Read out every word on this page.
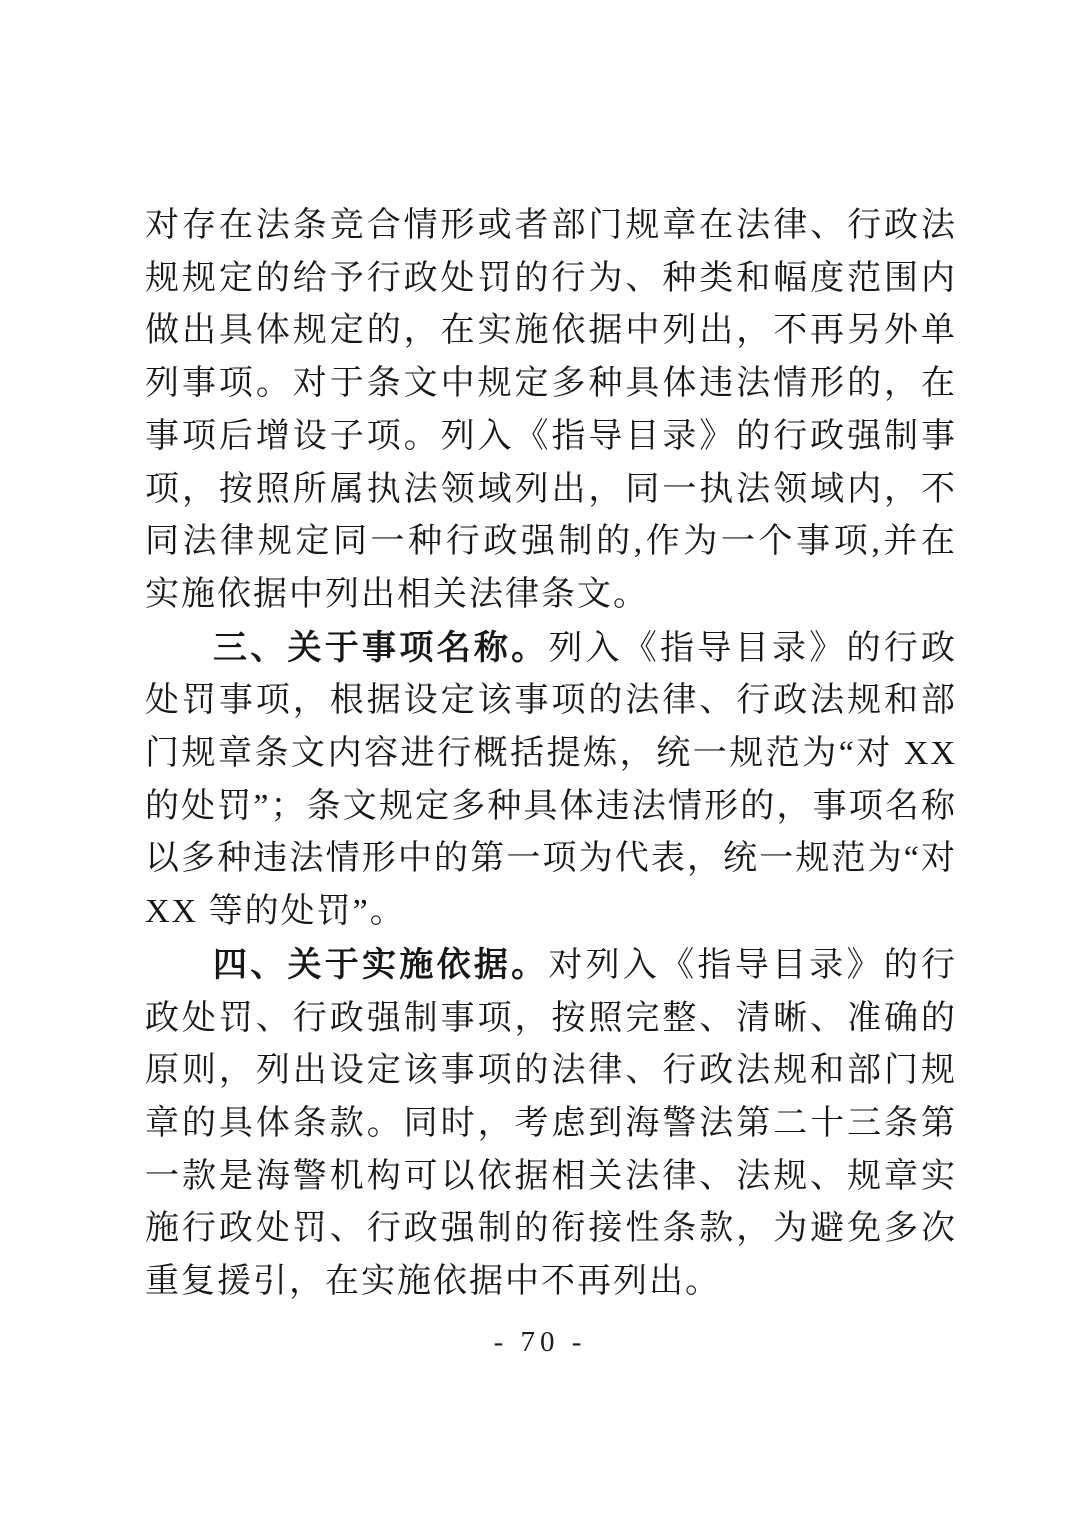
对存在法条竞合情形或者部门规章在法律、行政法规规定的给予行政处罚的行为、种类和幅度范围内做出具体规定的，在实施依据中列出，不再另外单列事项。对于条文中规定多种具体违法情形的，在事项后增设子项。列入《指导目录》的行政强制事项，按照所属执法领域列出，同一执法领域内，不同法律规定同一种行政强制的,作为一个事项,并在实施依据中列出相关法律条文。

三、关于事项名称。列入《指导目录》的行政处罚事项，根据设定该事项的法律、行政法规和部门规章条文内容进行概括提炼，统一规范为“对 XX 的处罚”；条文规定多种具体违法情形的，事项名称以多种违法情形中的第一项为代表，统一规范为“对 XX 等的处罚”。

四、关于实施依据。对列入《指导目录》的行政处罚、行政强制事项，按照完整、清晰、准确的原则，列出设定该事项的法律、行政法规和部门规章的具体条款。同时，考虑到海警法第二十三条第一款是海警机构可以依据相关法律、法规、规章实施行政处罚、行政强制的衔接性条款，为避免多次重复援引，在实施依据中不再列出。

- 70 -
